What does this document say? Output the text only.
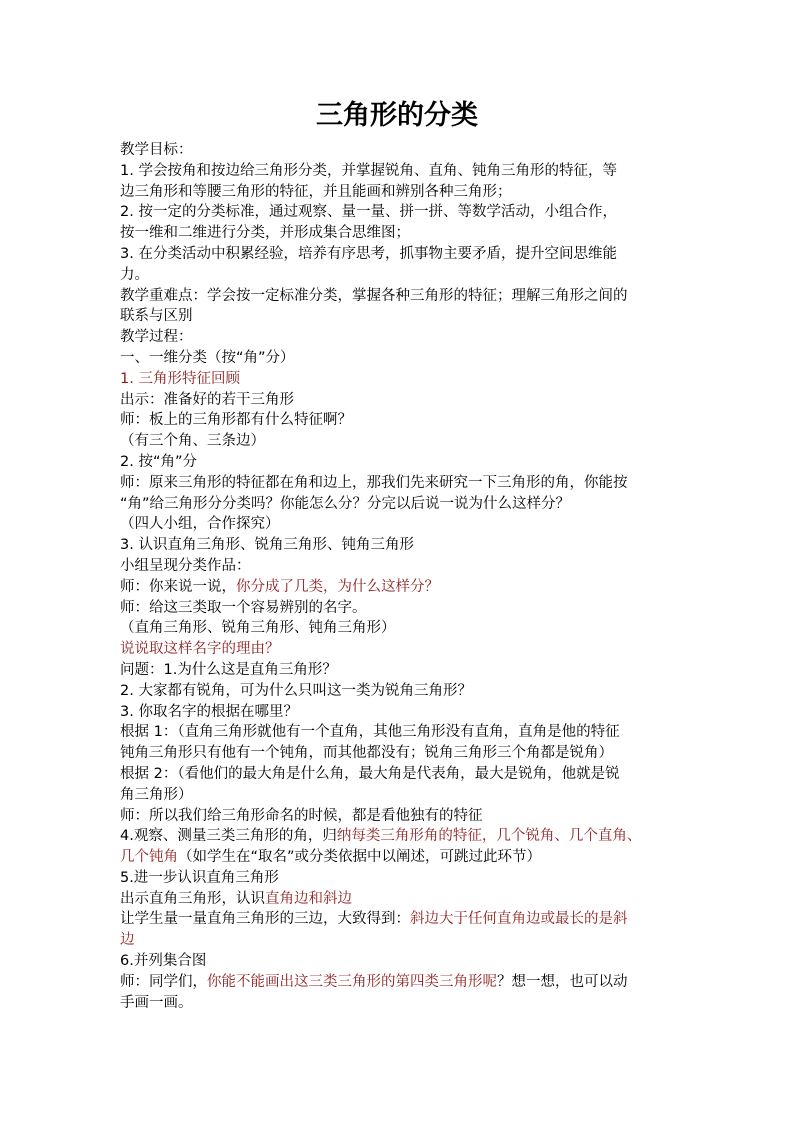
三角形的分类
教学目标：
1. 学会按角和按边给三角形分类，并掌握锐角、直角、钝角三角形的特征，等
边三角形和等腰三角形的特征，并且能画和辨别各种三角形；
2. 按一定的分类标准，通过观察、量一量、拼一拼、等数学活动，小组合作，
按一维和二维进行分类，并形成集合思维图；
3. 在分类活动中积累经验，培养有序思考，抓事物主要矛盾，提升空间思维能
力。
教学重难点：学会按一定标准分类，掌握各种三角形的特征；理解三角形之间的
联系与区别
教学过程：
一、一维分类（按“角”分）
1. 三角形特征回顾
出示：准备好的若干三角形
师：板上的三角形都有什么特征啊？
（有三个角、三条边）
2. 按“角”分
师：原来三角形的特征都在角和边上，那我们先来研究一下三角形的角，你能按
“角”给三角形分分类吗？你能怎么分？分完以后说一说为什么这样分？
（四人小组，合作探究）
3. 认识直角三角形、锐角三角形、钝角三角形
小组呈现分类作品：
师：你来说一说，你分成了几类，为什么这样分？
师：给这三类取一个容易辨别的名字。
（直角三角形、锐角三角形、钝角三角形）
说说取这样名字的理由？
问题：1.为什么这是直角三角形？
2. 大家都有锐角，可为什么只叫这一类为锐角三角形？
3. 你取名字的根据在哪里？
根据 1：（直角三角形就他有一个直角，其他三角形没有直角，直角是他的特征
钝角三角形只有他有一个钝角，而其他都没有；锐角三角形三个角都是锐角）
根据 2：（看他们的最大角是什么角，最大角是代表角，最大是锐角，他就是锐
角三角形）
师：所以我们给三角形命名的时候，都是看他独有的特征
4.观察、测量三类三角形的角，归纳每类三角形角的特征，几个锐角、几个直角、
几个钝角（如学生在“取名”或分类依据中以阐述，可跳过此环节）
5.进一步认识直角三角形
出示直角三角形，认识直角边和斜边
让学生量一量直角三角形的三边，大致得到：斜边大于任何直角边或最长的是斜
边
6.并列集合图
师：同学们，你能不能画出这三类三角形的第四类三角形呢？想一想，也可以动
手画一画。
